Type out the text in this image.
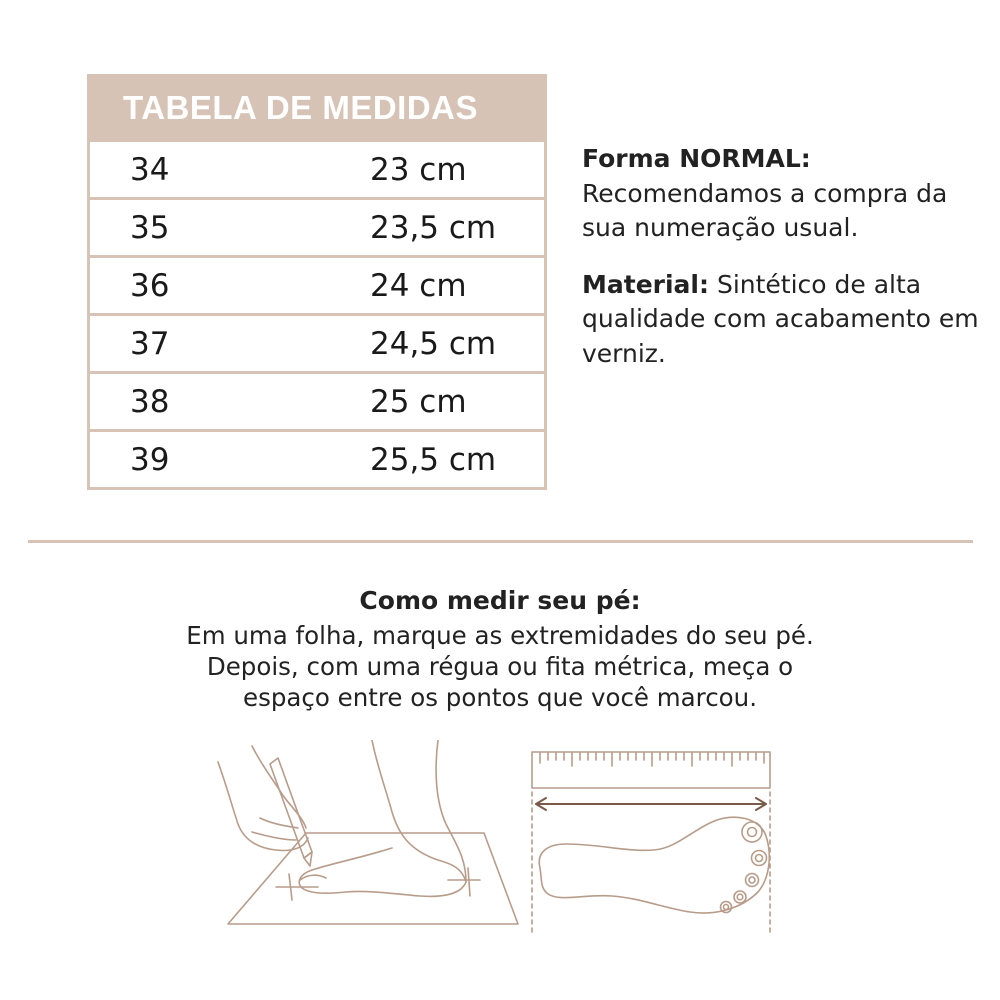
TABELA DE MEDIDAS
34	23 cm
35	23,5 cm
36	24 cm
37	24,5 cm
38	25 cm
39	25,5 cm

Forma NORMAL:
Recomendamos a compra da sua numeração usual.

Material: Sintético de alta qualidade com acabamento em verniz.

Como medir seu pé:
Em uma folha, marque as extremidades do seu pé.
Depois, com uma régua ou fita métrica, meça o
espaço entre os pontos que você marcou.
